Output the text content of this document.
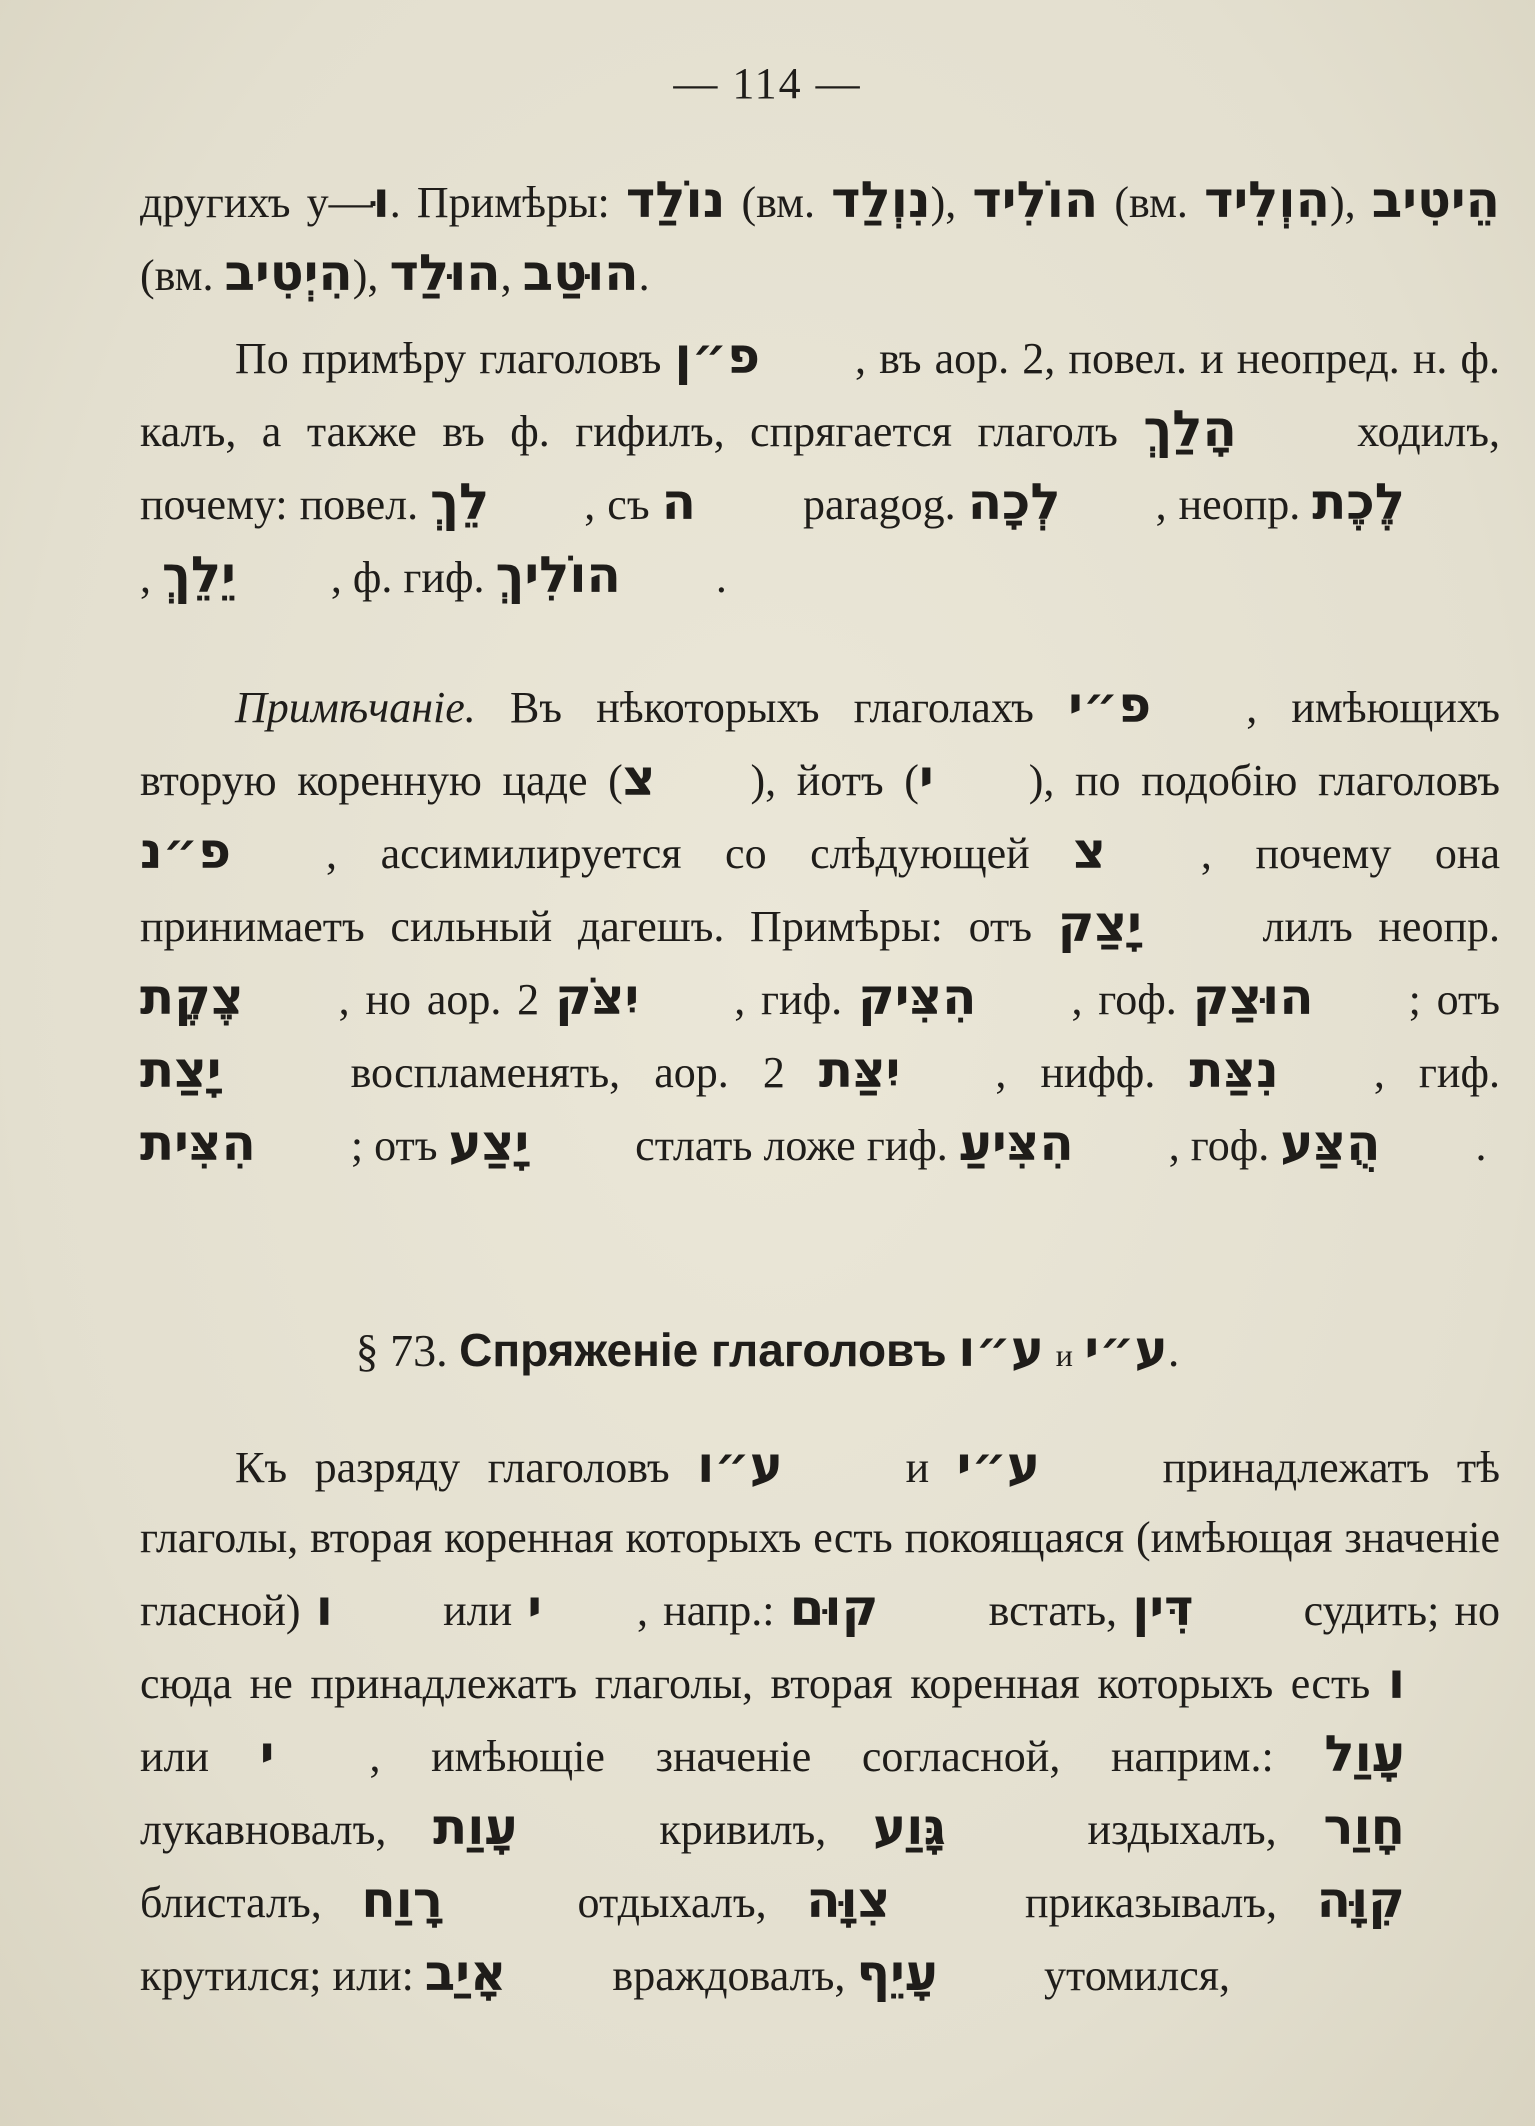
— 114 —

другихъ у—וּ. Примѣры: נוֹלַד (вм. נִוְלַד), הוֹלִיד (вм. הִוְלִיד), הֵיטִיב (вм. הִיְטִיב), הוּלַד, הוּטַב.

По примѣру глаголовъ פ״ן , въ аор. 2, повел. и неопред. н. ф. калъ, а также въ ф. гифилъ, спрягается глаголъ הָלַךְ ходилъ, почему: повел. לֵךְ , съ ה paragog. לְכָה , неопр. לֶכֶת, יֵלֵךְ , ф. гиф. הוֹלִיךְ .

Примѣчаніе. Въ нѣкоторыхъ глаголахъ פ״י , имѣющихъ вторую коренную цаде (צ ), йотъ (י ), по подобію глаголовъ פ״נ , ассимилируется со слѣдующей צ , почему она принимаетъ сильный дагешъ. Примѣры: отъ יָצַק лилъ неопр. צֶקֶת , но аор. 2 יִצֹּק , гиф. הִצִּיק , гоф. הוּצַק ; отъ יָצַת воспламенять, аор. 2 יִצַּת , нифф. נִצַּת , гиф. הִצִּית ; отъ יָצַע стлать ложе гиф. הִצִּיעַ , гоф. הֻצַּע .

§ 73. Спряженіе глаголовъ ע״ו и ע״י.

Къ разряду глаголовъ ע״ו и ע״י принадлежатъ тѣ глаголы, вторая коренная которыхъ есть покоящаяся (имѣющая значеніе гласной) ו или י , напр.: קוּם встать, דִּין судить; но сюда не принадлежатъ глаголы, вторая коренная которыхъ есть ו или י , имѣющіе значеніе согласной, наприм.: עָוַל лукавновалъ, עָוַת кривилъ, גָּוַע издыхалъ, חָוַר блисталъ, רָוַח отдыхалъ, צִוָּה приказывалъ, קִוָּה крутился; или: אָיַב враждовалъ, עָיֵף утомился,
